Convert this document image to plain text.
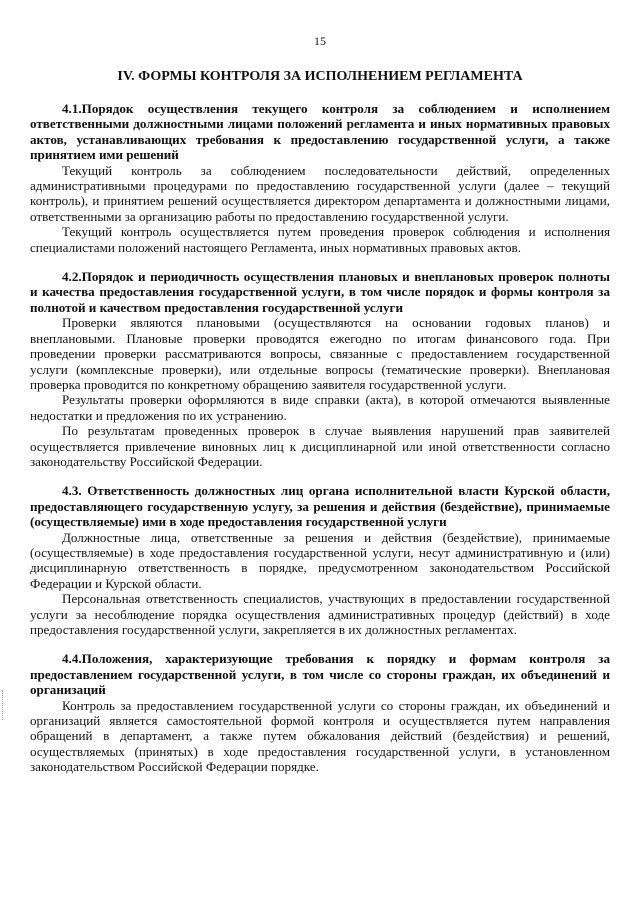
15
IV. ФОРМЫ КОНТРОЛЯ ЗА ИСПОЛНЕНИЕМ РЕГЛАМЕНТА

4.1.Порядок осуществления текущего контроля за соблюдением и исполнением ответственными должностными лицами положений регламента и иных нормативных правовых актов, устанавливающих требования к предоставлению государственной услуги, а также принятием ими решений

Текущий контроль за соблюдением последовательности действий, определенных административными процедурами по предоставлению государственной услуги (далее – текущий контроль), и принятием решений осуществляется директором департамента и должностными лицами, ответственными за организацию работы по предоставлению государственной услуги.

Текущий контроль осуществляется путем проведения проверок соблюдения и исполнения специалистами положений настоящего Регламента, иных нормативных правовых актов.

4.2.Порядок и периодичность осуществления плановых и внеплановых проверок полноты и качества предоставления государственной услуги, в том числе порядок и формы контроля за полнотой и качеством предоставления государственной услуги

Проверки являются плановыми (осуществляются на основании годовых планов) и внеплановыми. Плановые проверки проводятся ежегодно по итогам финансового года. При проведении проверки рассматриваются вопросы, связанные с предоставлением государственной услуги (комплексные проверки), или отдельные вопросы (тематические проверки). Внеплановая проверка проводится по конкретному обращению заявителя государственной услуги.

Результаты проверки оформляются в виде справки (акта), в которой отмечаются выявленные недостатки и предложения по их устранению.

По результатам проведенных проверок в случае выявления нарушений прав заявителей осуществляется привлечение виновных лиц к дисциплинарной или иной ответственности согласно законодательству Российской Федерации.

4.3. Ответственность должностных лиц органа исполнительной власти Курской области, предоставляющего государственную услугу, за решения и действия (бездействие), принимаемые (осуществляемые) ими в ходе предоставления государственной услуги

Должностные лица, ответственные за решения и действия (бездействие), принимаемые (осуществляемые) в ходе предоставления государственной услуги, несут административную и (или) дисциплинарную ответственность в порядке, предусмотренном законодательством Российской Федерации и Курской области.

Персональная ответственность специалистов, участвующих в предоставлении государственной услуги за несоблюдение порядка осуществления административных процедур (действий) в ходе предоставления государственной услуги, закрепляется в их должностных регламентах.

4.4.Положения, характеризующие требования к порядку и формам контроля за предоставлением государственной услуги, в том числе со стороны граждан, их объединений и организаций

Контроль за предоставлением государственной услуги со стороны граждан, их объединений и организаций является самостоятельной формой контроля и осуществляется путем направления обращений в департамент, а также путем обжалования действий (бездействия) и решений, осуществляемых (принятых) в ходе предоставления государственной услуги, в установленном законодательством Российской Федерации порядке.
